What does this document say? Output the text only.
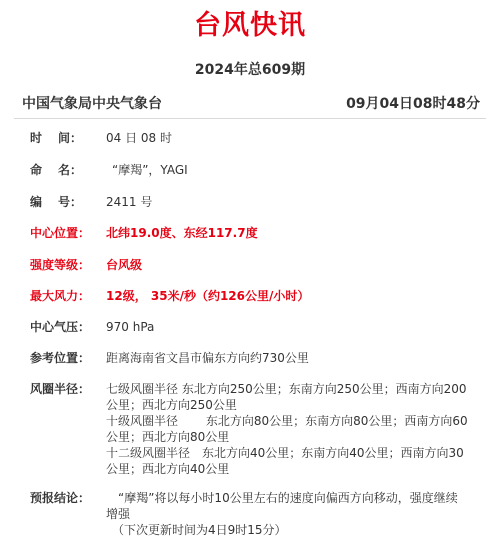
台风快讯
2024年总609期
中国气象局中央气象台	09月04日08时48分
时 间：	04 日 08 时
命 名：	“摩羯”，YAGI
编 号：	2411 号
中心位置：	北纬19.0度、东经117.7度
强度等级：	台风级
最大风力：	12级， 35米/秒（约126公里/小时）
中心气压：	970 hPa
参考位置：	距离海南省文昌市偏东方向约730公里
风圈半径：	七级风圈半径 东北方向250公里；东南方向250公里；西南方向200
公里；西北方向250公里
十级风圈半径 　　东北方向80公里；东南方向80公里；西南方向60
公里；西北方向80公里
十二级风圈半径　东北方向40公里；东南方向40公里；西南方向30
公里；西北方向40公里
预报结论：	　“摩羯”将以每小时10公里左右的速度向偏西方向移动，强度继续
增强
　（下次更新时间为4日9时15分）
